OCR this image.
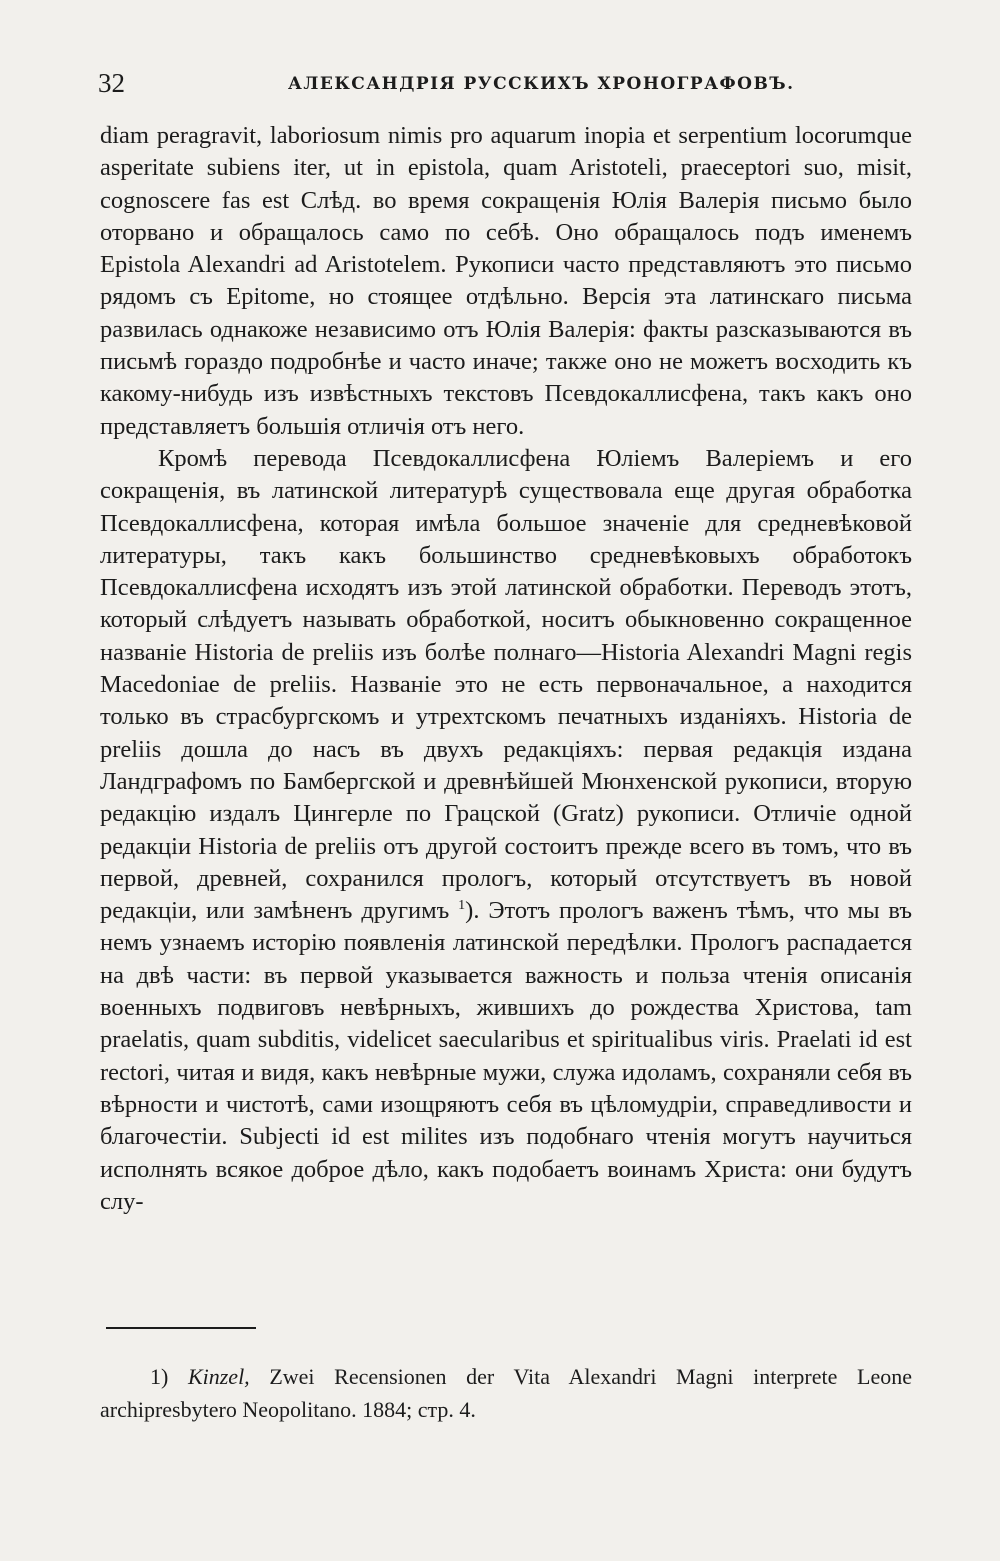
32	АЛЕКСАНДРІЯ РУССКИХЪ ХРОНОГРАФОВЪ.

diam peragravit, laboriosum nimis pro aquarum inopia et serpentium locorumque asperitate subiens iter, ut in epistola, quam Aristoteli, praeceptori suo, misit, cognoscere fas est Слѣд. во время сокращенія Юлія Валерія письмо было оторвано и обращалось само по себѣ. Оно обращалось подъ именемъ Epistola Alexandri ad Aristotelem. Рукописи часто представляютъ это письмо рядомъ съ Epitome, но стоящее отдѣльно. Версія эта латинскаго письма развилась однакоже независимо отъ Юлія Валерія: факты разсказываются въ письмѣ гораздо подробнѣе и часто иначе; также оно не можетъ восходить къ какому-нибудь изъ извѣстныхъ текстовъ Псевдокаллисфена, такъ какъ оно представляетъ большія отличія отъ него.

Кромѣ перевода Псевдокаллисфена Юліемъ Валеріемъ и его сокращенія, въ латинской литературѣ существовала еще другая обработка Псевдокаллисфена, которая имѣла большое значеніе для средневѣковой литературы, такъ какъ большинство средневѣковыхъ обработокъ Псевдокаллисфена исходятъ изъ этой латинской обработки. Переводъ этотъ, который слѣдуетъ называть обработкой, носитъ обыкновенно сокращенное названіе Historia de preliis изъ болѣе полнаго—Historia Alexandri Magni regis Macedoniae de preliis. Названіе это не есть первоначальное, а находится только въ страсбургскомъ и утрехтскомъ печатныхъ изданіяхъ. Historia de preliis дошла до насъ въ двухъ редакціяхъ: первая редакція издана Ландграфомъ по Бамбергской и древнѣйшей Мюнхенской рукописи, вторую редакцію издалъ Цингерле по Грацской (Gratz) рукописи. Отличіе одной редакціи Historia de preliis отъ другой состоитъ прежде всего въ томъ, что въ первой, древней, сохранился прологъ, который отсутствуетъ въ новой редакціи, или замѣненъ другимъ $^1$). Этотъ прологъ важенъ тѣмъ, что мы въ немъ узнаемъ исторію появленія латинской передѣлки. Прологъ распадается на двѣ части: въ первой указывается важность и польза чтенія описанія военныхъ подвиговъ невѣрныхъ, жившихъ до рождества Христова, tam praelatis, quam subditis, videlicet saecularibus et spiritualibus viris. Praelati id est rectori, читая и видя, какъ невѣрные мужи, служа идоламъ, сохраняли себя въ вѣрности и чистотѣ, сами изощряютъ себя въ цѣломудріи, справедливости и благочестіи. Subjecti id est milites изъ подобнаго чтенія могутъ научиться исполнять всякое доброе дѣло, какъ подобаетъ воинамъ Христа: они будутъ слу-

1) Kinzel, Zwei Recensionen der Vita Alexandri Magni interprete Leone archipresbytero Neopolitano. 1884; стр. 4.
